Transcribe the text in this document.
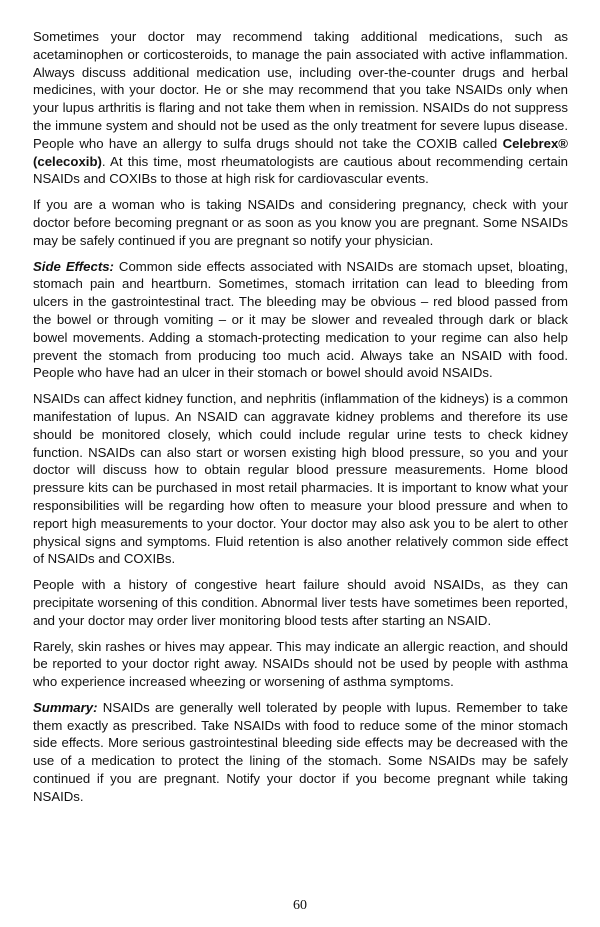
Sometimes your doctor may recommend taking additional medications, such as acetaminophen or corticosteroids, to manage the pain associated with active inflammation. Always discuss additional medication use, including over-the-counter drugs and herbal medicines, with your doctor. He or she may recommend that you take NSAIDs only when your lupus arthritis is flaring and not take them when in remission. NSAIDs do not suppress the immune system and should not be used as the only treatment for severe lupus disease. People who have an allergy to sulfa drugs should not take the COXIB called Celebrex® (celecoxib). At this time, most rheumatologists are cautious about recommending certain NSAIDs and COXIBs to those at high risk for cardiovascular events.

If you are a woman who is taking NSAIDs and considering pregnancy, check with your doctor before becoming pregnant or as soon as you know you are pregnant. Some NSAIDs may be safely continued if you are pregnant so notify your physician.

Side Effects: Common side effects associated with NSAIDs are stomach upset, bloating, stomach pain and heartburn. Sometimes, stomach irritation can lead to bleeding from ulcers in the gastrointestinal tract. The bleeding may be obvious – red blood passed from the bowel or through vomiting – or it may be slower and revealed through dark or black bowel movements. Adding a stomach-protecting medication to your regime can also help prevent the stomach from producing too much acid. Always take an NSAID with food. People who have had an ulcer in their stomach or bowel should avoid NSAIDs.

NSAIDs can affect kidney function, and nephritis (inflammation of the kidneys) is a common manifestation of lupus. An NSAID can aggravate kidney problems and therefore its use should be monitored closely, which could include regular urine tests to check kidney function. NSAIDs can also start or worsen existing high blood pressure, so you and your doctor will discuss how to obtain regular blood pressure measurements. Home blood pressure kits can be purchased in most retail pharmacies. It is important to know what your responsibilities will be regarding how often to measure your blood pressure and when to report high measurements to your doctor. Your doctor may also ask you to be alert to other physical signs and symptoms. Fluid retention is also another relatively common side effect of NSAIDs and COXIBs.

People with a history of congestive heart failure should avoid NSAIDs, as they can precipitate worsening of this condition. Abnormal liver tests have sometimes been reported, and your doctor may order liver monitoring blood tests after starting an NSAID.

Rarely, skin rashes or hives may appear. This may indicate an allergic reaction, and should be reported to your doctor right away. NSAIDs should not be used by people with asthma who experience increased wheezing or worsening of asthma symptoms.

Summary: NSAIDs are generally well tolerated by people with lupus. Remember to take them exactly as prescribed. Take NSAIDs with food to reduce some of the minor stomach side effects. More serious gastrointestinal bleeding side effects may be decreased with the use of a medication to protect the lining of the stomach. Some NSAIDs may be safely continued if you are pregnant. Notify your doctor if you become pregnant while taking NSAIDs.

60
